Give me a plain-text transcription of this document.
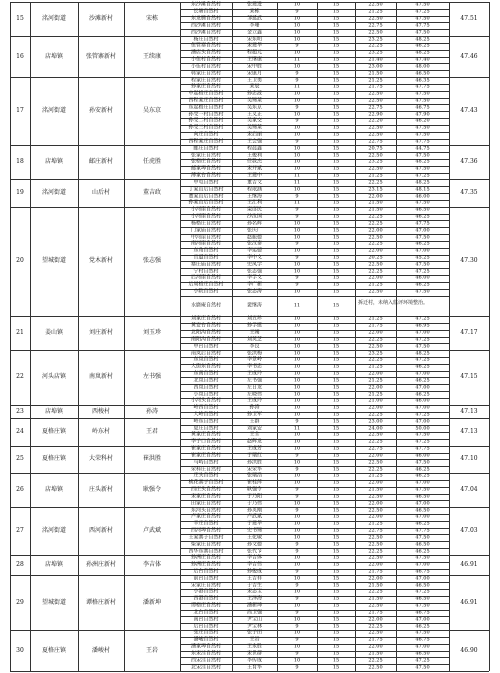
15	洺河街道	沙滩新村	宋栋	47.51
东沙滩自然村	张建进	10	15	22.50	47.50
长塘自然村	宋栋	9	15	21.25	47.25
东龙腾自然村	邹延武	10	15	22.50	47.50
西沙滩自然村	李珊	10	15	22.75	47.75
西沙滩自然村	金立鑫	10	15	22.50	47.50
16	店埠镇	张管寨新村	王续康	47.46
杨庄自然村	宋东明	10	15	23.25	48.25
伍管寨自然村	宋建华	9	15	22.25	46.25
潘店头自然村	程超元	10	15	23.25	48.25
小伍村自然村	王继康	11	15	21.40	47.40
小伍村自然村	宋中胜	10	15	23.00	48.00
韩家庄自然村	宋康月	9	15	21.50	46.50
17	洺河街道	孙安新村	吴东京	47.43
程家庄自然村	王卫勇	9	15	21.25	46.35
孙家庄自然村	宋辰	11	15	21.75	47.75
中起格庄自然村	孙忠波	10	15	22.50	47.50
西程家庄自然村	吴锦莱	10	15	22.50	47.50
东起格庄自然村	吴东京	9	15	22.75	46.75
孙受一村自然村	王义正	10	15	22.90	47.90
孙受二村自然村	吴家交	9	15	22.20	46.20
孙受三村自然村	吴锦莱	10	15	22.50	47.50
向庄自然村	宋启丽	10	15	22.50	47.50
西程家庄自然村	王会强	9	15	22.75	47.75
18	店埠镇	邮庄新村	任虎胜	47.36
邮庄自然村	程晨鑫	10	15	20.75	44.75
张家庄自然村	王俊利	10	15	22.50	47.50
张格庄自然村	任数杰	10	15	23.25	48.25
邮家埠自然村	宋开斌	10	15	22.50	47.50
薄家台自然村	王建中	11	15	21.25	47.25
19	洺河街道	山后村	董吉政	47.35
中屯自然村	董吉文	11	15	22.25	48.25
丁家山后自然村	程珉涵	10	15	23.15	48.15
董家山后自然村	王继海	9	15	22.00	46.00
孙家山后自然村	王汇利	11	15	21.50	47.50
20	望城街道	党木新村	张志强	47.30
小河崖自然村	栾彦民	9	15	21.50	46.50
小河崖自然村	沙汝国	9	15	22.25	46.25
杨格庄自然村	孙名辉	10	15	22.25	47.75
门家庙自然村	张庆广	10	15	22.00	47.00
中河崖自然村	赵振德	10	15	22.50	47.50
南河崖自然村	张汉泰	9	15	22.25	46.25
东角自然村	李运德	10	15	22.00	47.00
官道自然村	李中文	9	15	20.25	45.25
寨庄庙自然村	史凤学	10	15	22.50	47.50
宁村自然村	张志强	10	15	22.25	47.25
后河崖自然村	李学文	9	15	22.00	46.00
后周格庄自然村	李广新	9	15	21.25	46.25
小院自然村	张志涛	10	15	22.50	47.50
水磨庵自然村	裴继涛	11	15	拆迁村，未纳入监评环境整治。
21	姜山镇	刘庄新村	刘玉珍	47.17
刘家庄自然村	刘五珍	10	15	21.25	47.25
黄安台自然村	孙学挺	10	15	21.75	46.95
北阳沟自然村	王刚	10	15	22.00	47.00
南阳沟自然村	刘英芝	10	15	22.25	47.25
中台自然村	李良	10	15	22.50	47.50
22	河头店镇	南岚新村	左书强	47.15
南岚后自然村	张洪梅	10	15	23.25	48.25
东岚自然村	李景岭	10	15	22.25	47.25
大街东自然村	李书忠	10	15	21.25	46.25
东南自然村	王成玲	10	15	22.00	47.00
北岚自然村	左书强	10	15	21.25	46.25
西岚自然村	左日龙	10	15	22.00	47.00
小岚自然村	左晓伟	10	15	21.25	46.25
小河头自然村	王成玲	10	15	21.00	46.00
23	店埠镇	西梭村	孙涛	47.13
岭西自然村	孙涛	10	15	22.00	47.00
大岭自然村	孙卫军	10	15	22.25	47.25
24	夏格庄镇	岭东村	王君	47.13
岭东自然村	王群	9	15	23.00	47.00
夏庄自然村	刘家安	11	15	24.00	50.00
黄家庄自然村	王全	10	15	22.50	47.50
李子口自然村	赵辉龙	10	15	22.25	47.25
25	夏格庄镇	大荣科村	崔洪胜	47.10
崔家庄自然村	王成芳	10	15	22.75	47.75
崔家庄自然村	于瑞红	9	15	22.00	46.00
马屿自然村	孙洪胜	10	15	22.50	47.50
荣科庄自然村	宋荣华	9	15	22.25	46.25
26	店埠镇	庄头新村	耿强令	47.04
庄头自然村	张瑞浩	10	15	21.25	46.25
桃花寨子自然村	崔桂萍	10	15	22.00	47.00
西庄头自然村	耿强令	9	15	21.50	47.50
宋家庄自然村	于乃阳	9	15	22.50	46.50
田家庄自然村	于乃伟	10	15	22.00	47.00
27	洺河街道	西河新村	卢武斌	47.03
东河头自然村	孙英刚	9	15	22.50	46.50
卢家庄自然村	卢武斌	10	15	22.00	47.00
辛庄自然村	于建华	10	15	21.25	46.25
西河埠自然村	史书锦	10	15	22.75	47.75
王家寨子自然村	王化敏	10	15	22.50	47.50
柴家庄自然村	孙文德	9	15	22.50	46.50
西华东寨自然村	张代节	9	15	22.25	46.25
28	店埠镇	孙洲庄新村	李吉体	46.91
孙洲庄自然村	李吉体	10	15	22.50	47.50
孙洲庄自然村	李吉伟	10	15	22.00	47.00
后台自然村	孙俊成	9	15	21.75	46.75
29	望城街道	谭格庄新村	潘新坤	46.91
前台自然村	王吉祥	10	15	22.00	47.00
宋家庄自然村	于吉生	9	15	21.50	46.50
小港自然村	宋志宝	10	15	22.25	47.25
西港自然村	王泽海	9	15	21.50	46.50
谭格庄自然村	潘新坤	10	15	22.50	47.50
北台自然村	高卫强	9	15	21.75	46.75
南台自然村	尹宝山	10	15	22.00	47.00
后台自然村	尹宝林	9	15	22.25	46.25
30	夏格庄镇	潘峻村	王岩	46.90
张庄自然村	张子田	10	15	22.50	47.50
潘峻自然村	王岩	9	15	21.75	46.75
潘家埠自然村	王永胜	10	15	22.00	47.00
东宋洼自然村	宋世群	9	15	21.50	46.50
西宋洼自然村	李传成	10	15	22.25	47.25
北宋洼自然村	王育华	9	15	22.50	47.50
